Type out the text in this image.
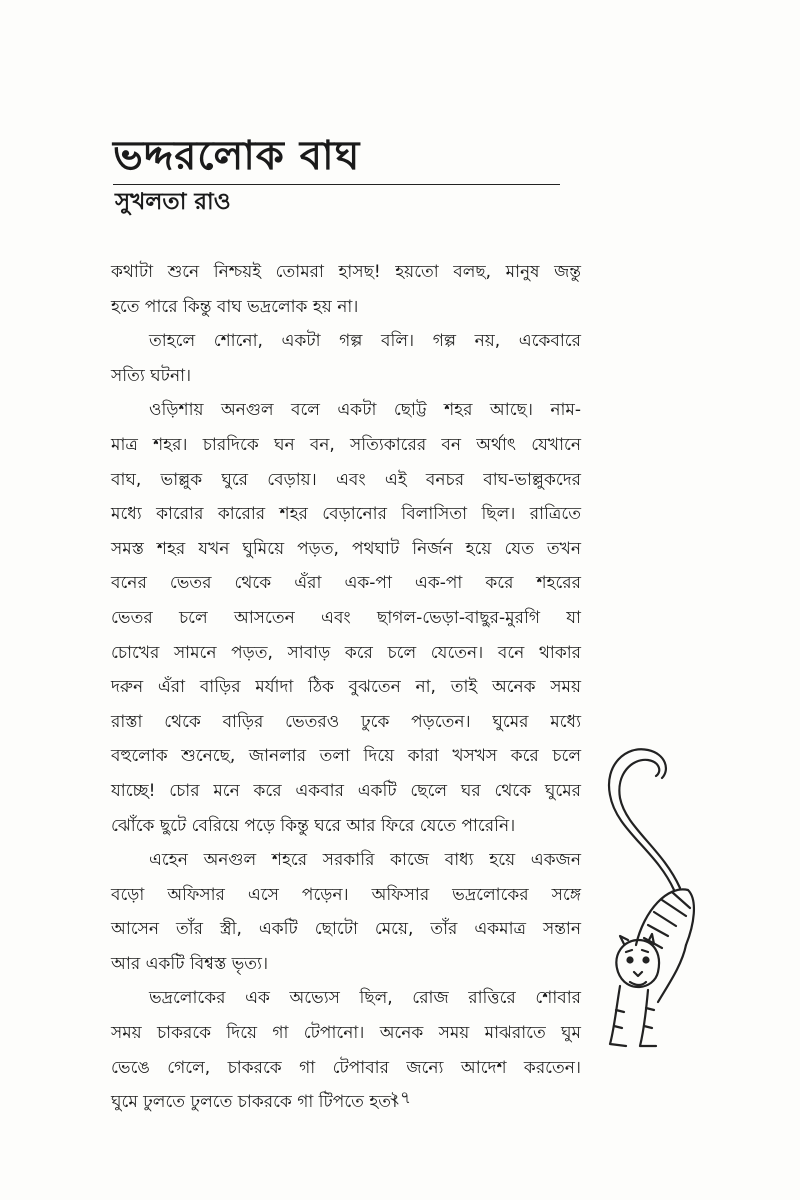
ভদ্দরলোক বাঘ
সুখলতা রাও
কথাটা শুনে নিশ্চয়ই তোমরা হাসছ! হয়তো বলছ, মানুষ জন্তু
হতে পারে কিন্তু বাঘ ভদ্রলোক হয় না।
তাহলে শোনো, একটা গল্প বলি। গল্প নয়, একেবারে
সত্যি ঘটনা।
ওড়িশায় অনগুল বলে একটা ছোট্ট শহর আছে। নাম-
মাত্র শহর। চারদিকে ঘন বন, সত্যিকারের বন অর্থাৎ যেখানে
বাঘ, ভাল্লুক ঘুরে বেড়ায়। এবং এই বনচর বাঘ-ভাল্লুকদের
মধ্যে কারোর কারোর শহর বেড়ানোর বিলাসিতা ছিল। রাত্রিতে
সমস্ত শহর যখন ঘুমিয়ে পড়ত, পথঘাট নির্জন হয়ে যেত তখন
বনের ভেতর থেকে এঁরা এক-পা এক-পা করে শহরের
ভেতর চলে আসতেন এবং ছাগল-ভেড়া-বাছুর-মুরগি যা
চোখের সামনে পড়ত, সাবাড় করে চলে যেতেন। বনে থাকার
দরুন এঁরা বাড়ির মর্যাদা ঠিক বুঝতেন না, তাই অনেক সময়
রাস্তা থেকে বাড়ির ভেতরও ঢুকে পড়তেন। ঘুমের মধ্যে
বহুলোক শুনেছে, জানলার তলা দিয়ে কারা খসখস করে চলে
যাচ্ছে! চোর মনে করে একবার একটি ছেলে ঘর থেকে ঘুমের
ঝোঁকে ছুটে বেরিয়ে পড়ে কিন্তু ঘরে আর ফিরে যেতে পারেনি।
এহেন অনগুল শহরে সরকারি কাজে বাধ্য হয়ে একজন
বড়ো অফিসার এসে পড়েন। অফিসার ভদ্রলোকের সঙ্গে
আসেন তাঁর স্ত্রী, একটি ছোটো মেয়ে, তাঁর একমাত্র সন্তান
আর একটি বিশ্বস্ত ভৃত্য।
ভদ্রলোকের এক অভ্যেস ছিল, রোজ রাত্তিরে শোবার
সময় চাকরকে দিয়ে গা টেপানো। অনেক সময় মাঝরাতে ঘুম
ভেঙে গেলে, চাকরকে গা টেপাবার জন্যে আদেশ করতেন।
ঘুমে ঢুলতে ঢুলতে চাকরকে গা টিপতে হত।
২৭
